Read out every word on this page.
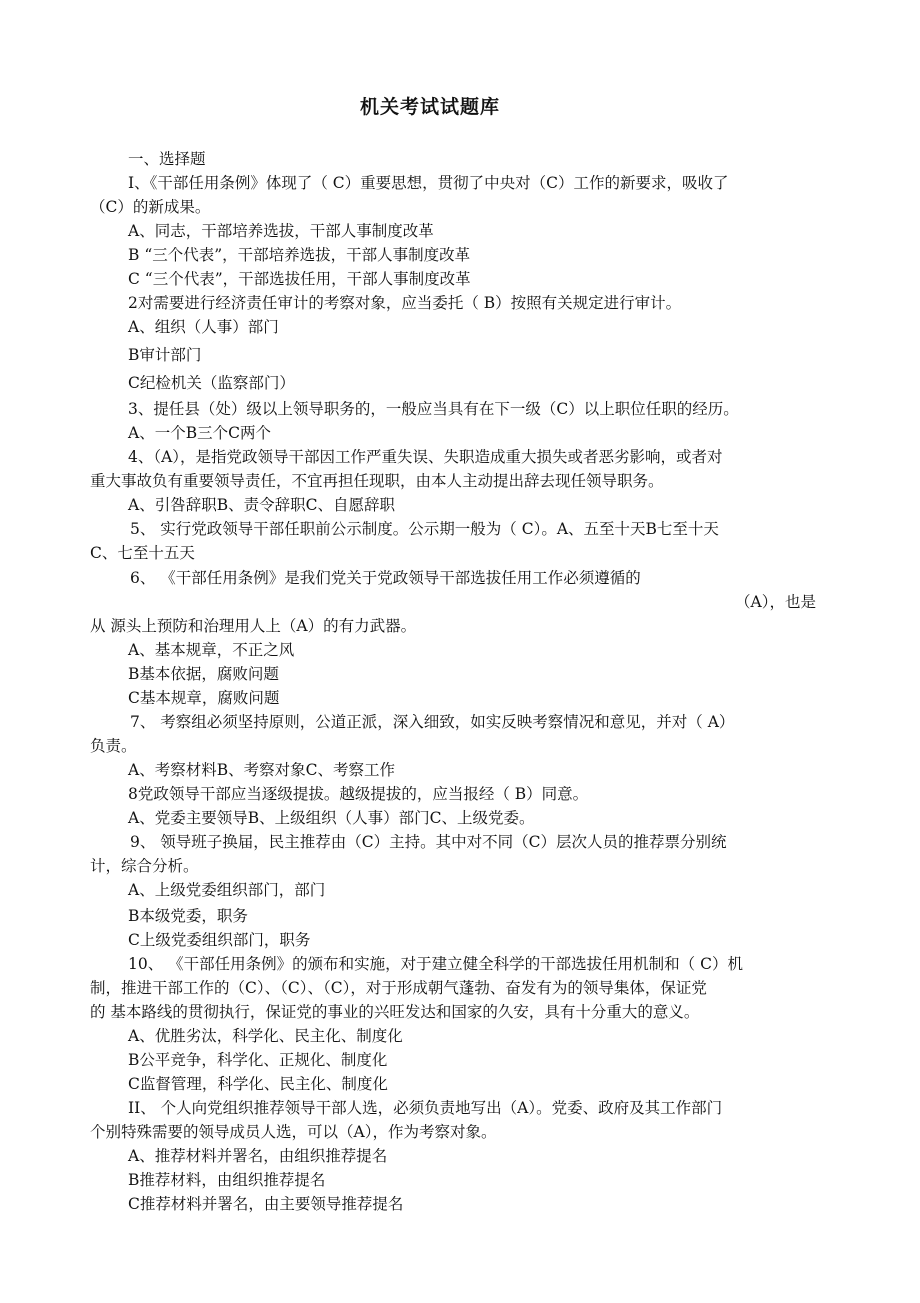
机关考试试题库
一、选择题
I、《干部任用条例》体现了（ C）重要思想，贯彻了中央对（C）工作的新要求，吸收了
（C）的新成果。
A、同志，干部培养选拔，干部人事制度改革
B “三个代表”，干部培养选拔，干部人事制度改革
C “三个代表”，干部选拔任用，干部人事制度改革
2对需要进行经济责任审计的考察对象，应当委托（ B）按照有关规定进行审计。
A、组织（人事）部门
B审计部门
C纪检机关（监察部门）
3、提任县（处）级以上领导职务的，一般应当具有在下一级（C）以上职位任职的经历。
A、一个B三个C两个
4、（A），是指党政领导干部因工作严重失误、失职造成重大损失或者恶劣影响，或者对
重大事故负有重要领导责任，不宜再担任现职，由本人主动提出辞去现任领导职务。
A、引咎辞职B、责令辞职C、自愿辞职
5、 实行党政领导干部任职前公示制度。公示期一般为（ C）。A、五至十天B七至十天
C、七至十五天
6、 《干部任用条例》是我们党关于党政领导干部选拔任用工作必须遵循的
（A），也是
从 源头上预防和治理用人上（A）的有力武器。
A、基本规章，不正之风
B基本依据，腐败问题
C基本规章，腐败问题
7、 考察组必须坚持原则，公道正派，深入细致，如实反映考察情况和意见，并对（ A）
负责。
A、考察材料B、考察对象C、考察工作
8党政领导干部应当逐级提拔。越级提拔的，应当报经（ B）同意。
A、党委主要领导B、上级组织（人事）部门C、上级党委。
9、 领导班子换届，民主推荐由（C）主持。其中对不同（C）层次人员的推荐票分别统
计，综合分析。
A、上级党委组织部门，部门
B本级党委，职务
C上级党委组织部门，职务
10、 《干部任用条例》的颁布和实施，对于建立健全科学的干部选拔任用机制和（ C）机
制，推进干部工作的（C）、（C）、（C），对于形成朝气蓬勃、奋发有为的领导集体，保证党
的 基本路线的贯彻执行，保证党的事业的兴旺发达和国家的久安，具有十分重大的意义。
A、优胜劣汰，科学化、民主化、制度化
B公平竞争，科学化、正规化、制度化
C监督管理，科学化、民主化、制度化
II、 个人向党组织推荐领导干部人选，必须负责地写出（A）。党委、政府及其工作部门
个别特殊需要的领导成员人选，可以（A），作为考察对象。
A、推荐材料并署名，由组织推荐提名
B推荐材料，由组织推荐提名
C推荐材料并署名，由主要领导推荐提名
